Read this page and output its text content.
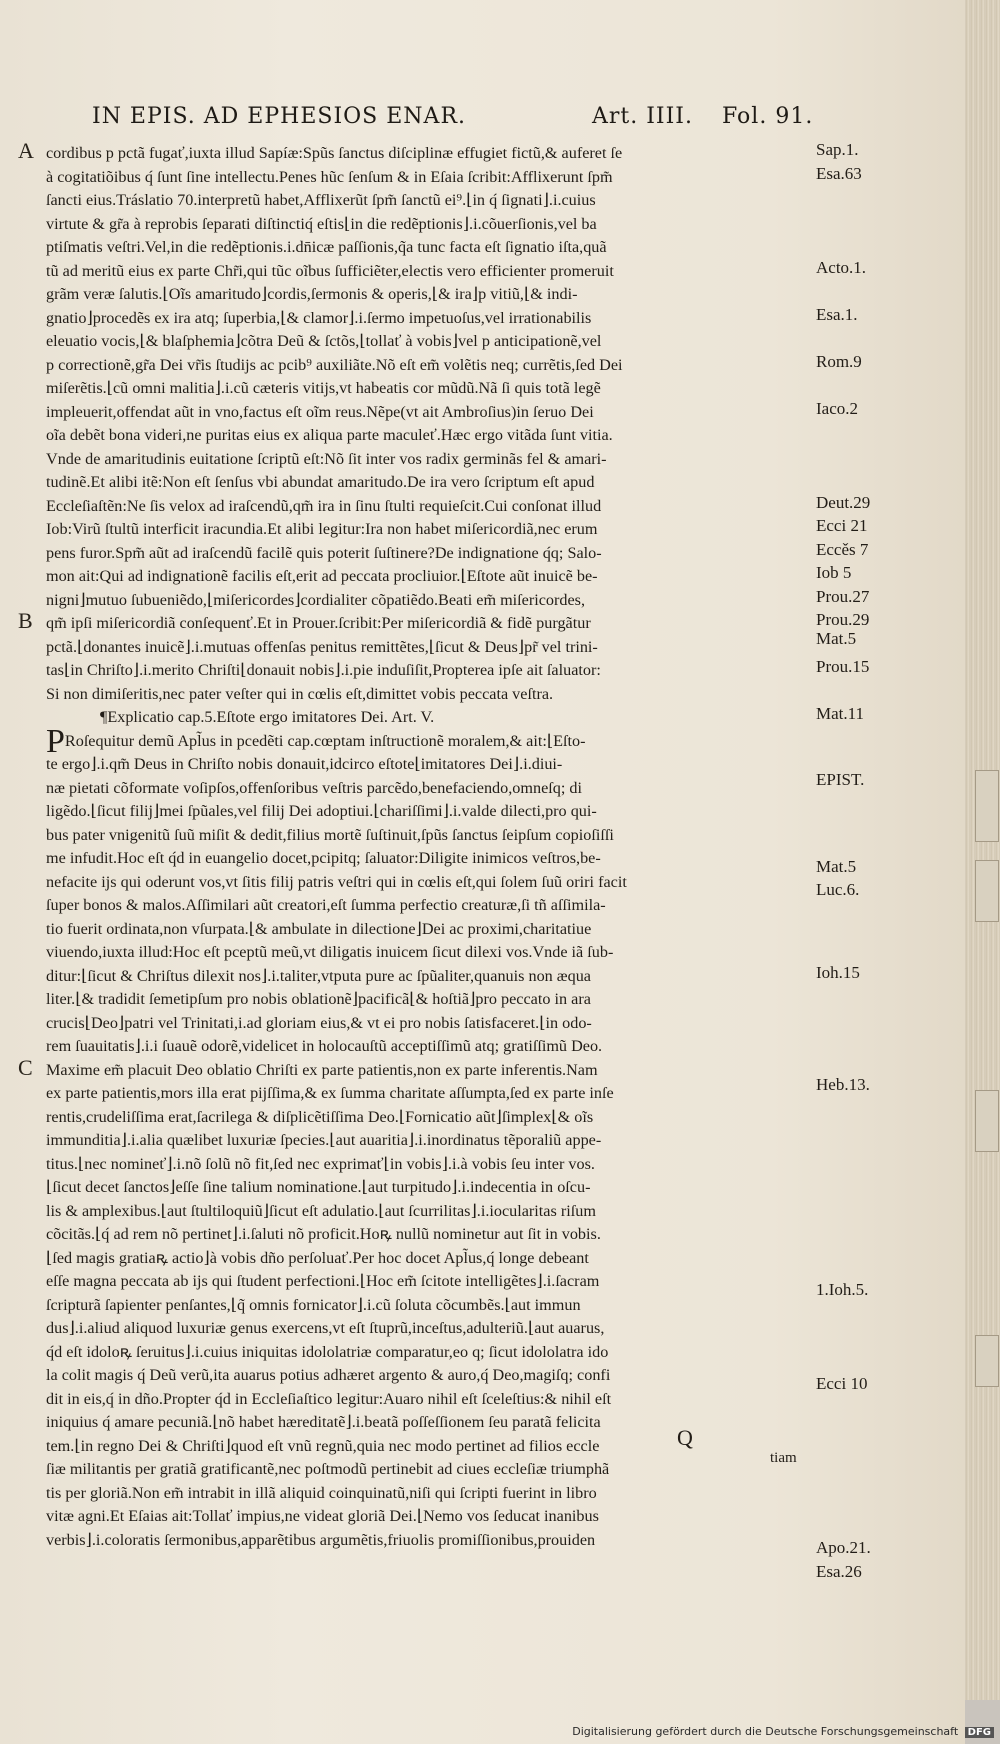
IN EPIS. AD EPHESIOS ENAR.	Art. IIII. Fol. 91.
cordibus p pctã fugať,iuxta illud Sapíæ:Spũs ſanctus diſciplinæ effugiet fictũ,& auferet ſe
à cogitatiõibus q́ ſunt ſine intellectu.Penes hũc ſenſum & in Eſaia ſcribit:Afflixerunt ſpm̃
ſancti eius.Tráslatio 70.interpretũ habet,Afflixerũt ſpm̃ ſanctũ ei⁹.⌊in q́ ſignati⌋.i.cuius
virtute & gr̃a à reprobis ſeparati diſtinctiq́ eſtis⌊in die redẽptionis⌋.i.cõuerſionis,vel ba
ptiſmatis veſtri.Vel,in die redẽptionis.i.dn̄icæ paſſionis,q̃a tunc facta eſt ſignatio iſta,quã
tũ ad meritũ eius ex parte Chr̃i,qui tũc oĩbus ſufficiẽter,electis vero efficienter promeruit
grãm veræ ſalutis.⌊Oĩs amaritudo⌋cordis,ſermonis & operis,⌊& ira⌋p vitiũ,⌊& indi-
gnatio⌋procedẽs ex ira atq; ſuperbia,⌊& clamor⌋.i.ſermo impetuoſus,vel irrationabilis
eleuatio vocis,⌊& blaſphemia⌋cõtra Deũ & ſctõs,⌊tollať à vobis⌋vel p anticipationẽ,vel
p correctionẽ,gr̃a Dei vr̃is ſtudijs ac pcib⁹ auxiliãte.Nõ eſt em̃ volẽtis neq; currẽtis,ſed Dei
miſerẽtis.⌊cũ omni malitia⌋.i.cũ cæteris vitijs,vt habeatis cor mũdũ.Nã ſi quis totã legẽ
impleuerit,offendat aũt in vno,factus eſt oĩm reus.Nẽpe(vt ait Ambroſius)in ſeruo Dei
oĩa debẽt bona videri,ne puritas eius ex aliqua parte maculeť.Hæc ergo vitãda ſunt vitia.
Vnde de amaritudinis euitatione ſcriptũ eſt:Nõ ſit inter vos radix germinãs fel & amari-
tudinẽ.Et alibi itẽ:Non eſt ſenſus vbi abundat amaritudo.De ira vero ſcriptum eſt apud
Eccleſiaſtẽn:Ne ſis velox ad iraſcendũ,qm̃ ira in ſinu ſtulti requieſcit.Cui conſonat illud
Iob:Virũ ſtultũ interficit iracundia.Et alibi legitur:Ira non habet miſericordiã,nec erum
pens furor.Spm̃ aũt ad iraſcendũ facilẽ quis poterit ſuſtinere?De indignatione q́q; Salo-
mon ait:Qui ad indignationẽ facilis eſt,erit ad peccata procliuior.⌊Eſtote aũt inuicẽ be-
nigni⌋mutuo ſubueniẽdo,⌊miſericordes⌋cordialiter cõpatiẽdo.Beati em̃ miſericordes,
qm̃ ipſi miſericordiã conſequenť.Et in Prouer.ſcribit:Per miſericordiã & fidẽ purgãtur
pctã.⌊donantes inuicẽ⌋.i.mutuas offenſas penitus remittẽtes,⌊ſicut & Deus⌋pr̃ vel trini-
tas⌊in Chriſto⌋.i.merito Chriſti⌊donauit nobis⌋.i.pie induſiſit,Propterea ipſe ait ſaluator:
Si non dimiſeritis,nec pater veſter qui in cœlis eſt,dimittet vobis peccata veſtra.
¶Explicatio cap.5.Eſtote ergo imitatores Dei. Art. V.
PRoſequitur demũ Apl̃us in pcedẽti cap.cœptam inſtructionẽ moralem,& ait:⌊Eſto-
te ergo⌋.i.qm̃ Deus in Chriſto nobis donauit,idcirco eſtote⌊imitatores Dei⌋.i.diui-
næ pietati cõformate voſipſos,offenſoribus veſtris parcẽdo,benefaciendo,omneſq; di
ligẽdo.⌊ſicut filij⌋mei ſpũales,vel filij Dei adoptiui.⌊chariſſimi⌋.i.valde dilecti,pro qui-
bus pater vnigenitũ ſuũ miſit & dedit,filius mortẽ ſuſtinuit,ſpũs ſanctus ſeipſum copioſiſſi
me infudit.Hoc eſt q́d in euangelio docet,pcipitq; ſaluator:Diligite inimicos veſtros,be-
nefacite ijs qui oderunt vos,vt ſitis filij patris veſtri qui in cœlis eſt,qui ſolem ſuũ oriri facit
ſuper bonos & malos.Aſſimilari aũt creatori,eſt ſumma perfectio creaturæ,ſi tñ aſſimila-
tio fuerit ordinata,non vſurpata.⌊& ambulate in dilectione⌋Dei ac proximi,charitatiue
viuendo,iuxta illud:Hoc eſt pceptũ meũ,vt diligatis inuicem ſicut dilexi vos.Vnde iã ſub-
ditur:⌊ſicut & Chriſtus dilexit nos⌋.i.taliter,vtputa pure ac ſpũaliter,quanuis non æqua
liter.⌊& tradidit ſemetipſum pro nobis oblationẽ⌋pacificã⌊& hoſtiã⌋pro peccato in ara
crucis⌊Deo⌋patri vel Trinitati,i.ad gloriam eius,& vt ei pro nobis ſatisfaceret.⌊in odo-
rem ſuauitatis⌋.i.i ſuauẽ odorẽ,videlicet in holocauſtũ acceptiſſimũ atq; gratiſſimũ Deo.
Maxime em̃ placuit Deo oblatio Chriſti ex parte patientis,non ex parte inferentis.Nam
ex parte patientis,mors illa erat pijſſima,& ex ſumma charitate aſſumpta,ſed ex parte inſe
rentis,crudeliſſima erat,ſacrilega & diſplicẽtiſſima Deo.⌊Fornicatio aũt⌋ſimplex⌊& oĩs
immunditia⌋.i.alia quælibet luxuriæ ſpecies.⌊aut auaritia⌋.i.inordinatus tẽporaliũ appe-
titus.⌊nec nomineť⌋.i.nõ ſolũ nõ fit,ſed nec exprimať⌊in vobis⌋.i.à vobis ſeu inter vos.
⌊ſicut decet ſanctos⌋eſſe ſine talium nominatione.⌊aut turpitudo⌋.i.indecentia in oſcu-
lis & amplexibus.⌊aut ſtultiloquiũ⌋ſicut eſt adulatio.⌊aut ſcurrilitas⌋.i.iocularitas riſum
cõcitãs.⌊q́ ad rem nõ pertinet⌋.i.ſaluti nõ proficit.Hoꝶ nullũ nominetur aut ſit in vobis.
⌊ſed magis gratiaꝶ actio⌋à vobis dño perſoluať.Per hoc docet Apl̃us,q́ longe debeant
eſſe magna peccata ab ijs qui ſtudent perfectioni.⌊Hoc em̃ ſcitote intelligẽtes⌋.i.ſacram
ſcripturã ſapienter penſantes,⌊q̃ omnis fornicator⌋.i.cũ ſoluta cõcumbẽs.⌊aut immun
dus⌋.i.aliud aliquod luxuriæ genus exercens,vt eſt ſtuprũ,inceſtus,adulteriũ.⌊aut auarus,
q́d eſt idoloꝶ ſeruitus⌋.i.cuius iniquitas idololatriæ comparatur,eo q; ſicut idololatra ido
la colit magis q́ Deũ verũ,ita auarus potius adhæret argento & auro,q́ Deo,magiſq; confi
dit in eis,q́ in dño.Propter q́d in Eccleſiaſtico legitur:Auaro nihil eſt ſceleſtius:& nihil eſt
iniquius q́ amare pecuniã.⌊nõ habet hæreditatẽ⌋.i.beatã poſſeſſionem ſeu paratã felicita
tem.⌊in regno Dei & Chriſti⌋quod eſt vnũ regnũ,quia nec modo pertinet ad filios eccle
ſiæ militantis per gratiã gratificantẽ,nec poſtmodũ pertinebit ad ciues eccleſiæ triumphã
tis per gloriã.Non em̃ intrabit in illã aliquid coinquinatũ,niſi qui ſcripti fuerint in libro
vitæ agni.Et Eſaias ait:Tollať impius,ne videat gloriã Dei.⌊Nemo vos ſeducat inanibus
verbis⌋.i.coloratis ſermonibus,apparẽtibus argumẽtis,friuolis promiſſionibus,prouiden
A
B
C
Sap.1.
Esa.63
Acto.1.
Esa.1.
Rom.9
Iaco.2
Deut.29
Ecci 21
Eccěs 7
Iob 5
Prou.27
Prou.29
Mat.5
Prou.15
Mat.11
EPIST.
Mat.5
Luc.6.
Ioh.15
Heb.13.
1.Ioh.5.
Ecci 10
Apo.21.
Esa.26
Q
tiam
Digitalisierung gefördert durch die Deutsche Forschungsgemeinschaft DFG
